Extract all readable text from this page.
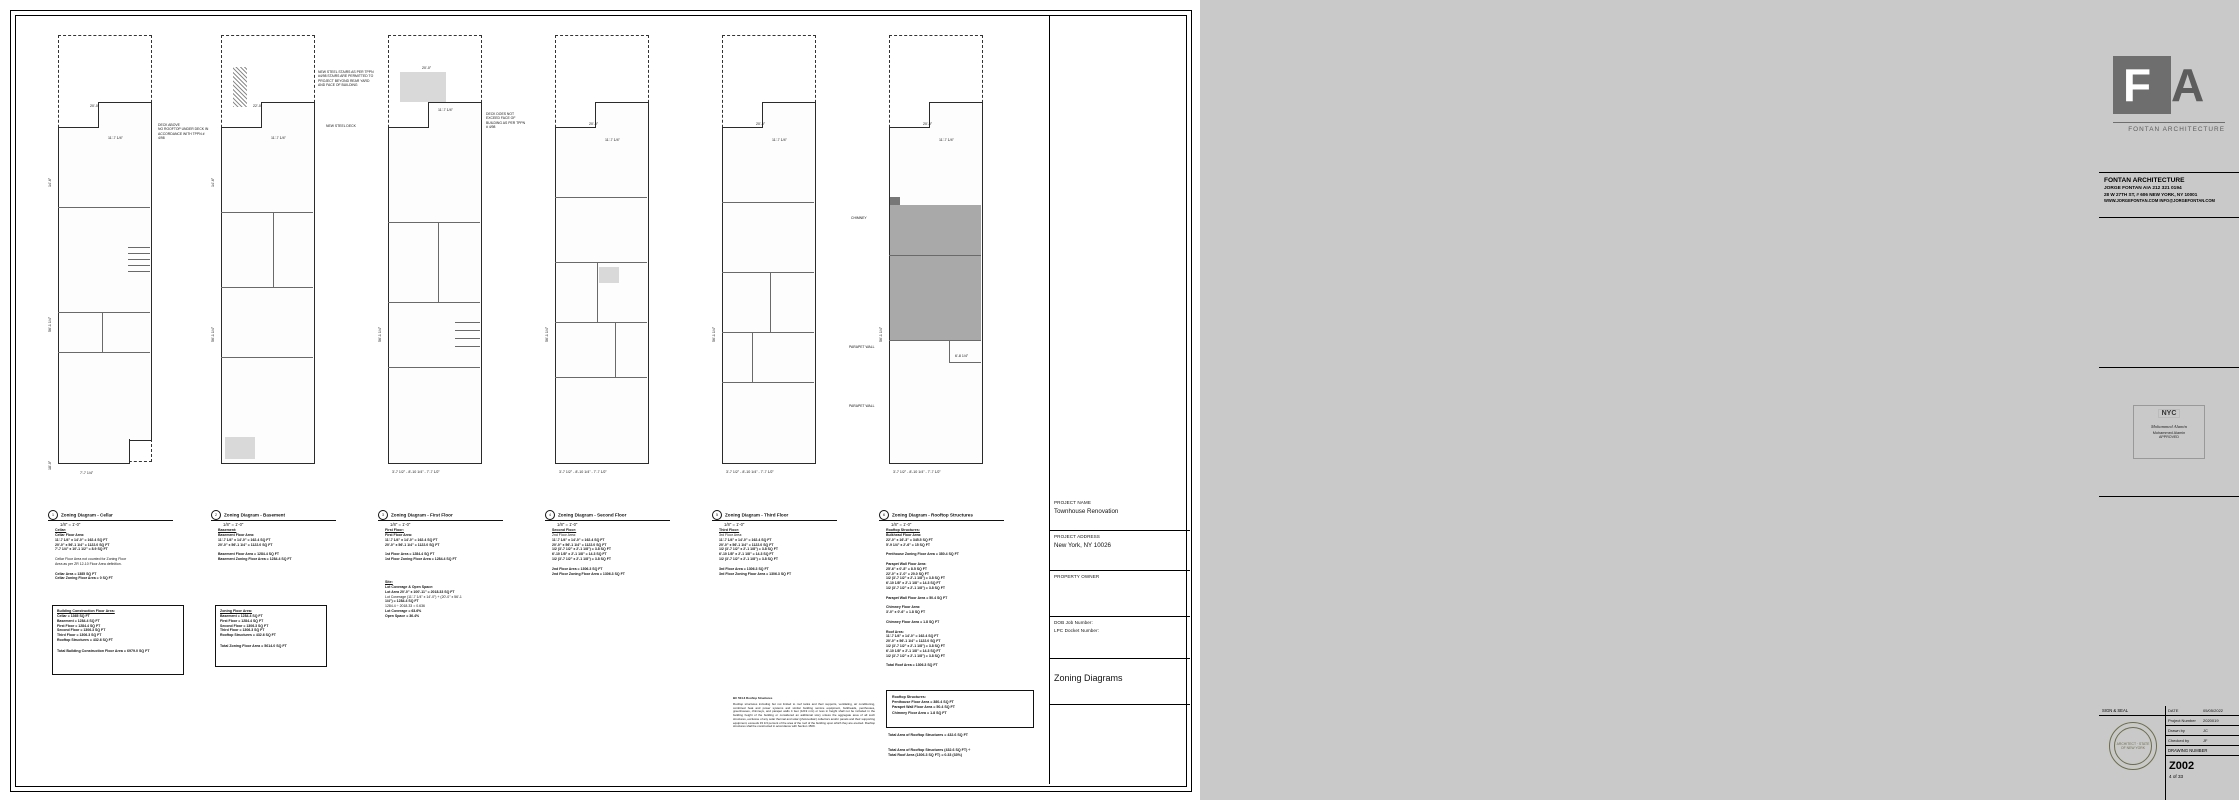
20'-0"
11'-7 1/4"
14'-6"
56'-1 1/4"
18'-0"
7'-7 1/4"
DECK ABOVE
NO ROOFTOP UNDER DECK IN ACCORDANCE WITH TPPN # 4/98
1 Zoning Diagram - Cellar
1/8" = 1'-0"
Cellar:
Cellar Floor Area:
11'-7 1/4" x 14'-0" = 162.4 SQ FT
20'-0" x 56'-1 1/4" = 1122.0 SQ FT
7'-7 1/4" x 10'-1 1/2" = 8.9 SQ FT

Cellar Floor Area not counted for Zoning Floor
Area as per ZR 12-10 Floor Area definition.

Cellar Area = 1385 SQ FT
Cellar Zoning Floor Area = 0 SQ FT
Building Construction Floor Area:
Cellar = 1365 SQ FT
Basement = 1284.4 SQ FT
First Floor = 1284.4 SQ FT
Second Floor = 1306.3 SQ FT
Third Floor = 1306.3 SQ FT
Rooftop Structures = 432.6 SQ FT
Total Building Construction Floor Area = 6979.0 SQ FT
22'-0"
11'-7 1/4"
14'-6"
56'-1 1/4"
NEW STEEL DECK
2 Zoning Diagram - Basement
1/8" = 1'-0"
Basement:
Basement Floor Area:
11'-7 1/4" x 14'-0" = 162.4 SQ FT
20'-0" x 56'-1 1/4" = 1122.0 SQ FT

Basement Floor Area = 1284.4 SQ FT
Basement Zoning Floor Area = 1284.4 SQ FT
Zoning Floor Area:
Basement = 1284.4 SQ FT
First Floor = 1284.4 SQ FT
Second Floor = 1306.3 SQ FT
Third Floor = 1306.3 SQ FT
Rooftop Structures = 432.6 SQ FT
Total Zoning Floor Area = 5614.0 SQ FT
20'-0"
11'-7 1/4"
56'-1 1/4"
3'-7 1/2" - 8'-10 1/4" - 7'-7 1/2"
NEW STEEL STAIRS AS PER TPPN #4/98 STAIRS ARE PERMITTED TO PROJECT BEYOND REAR YARD AND FACE OF BUILDING
DECK DOES NOT EXCEED FACE OF BUILDING AS PER TPPN # 4/98
3 Zoning Diagram - First Floor
1/8" = 1'-0"
First Floor:
First Floor Area:
11'-7 1/4" x 14'-0" = 162.4 SQ FT
20'-0" x 56'-1 1/4" = 1122.0 SQ FT

1st Floor Area = 1284.4 SQ FT
1st Floor Zoning Floor Area = 1284.4 SQ FT
Site:
Lot Coverage & Open Space:
Lot Area 20'-0" x 100'-11" = 2018.33 SQ FT
Lot Coverage (11'-7 1/4" x 14'-0") + (20'-0" x 56'-1
1/4") = 1284.4 SQ FT
1284.4 ÷ 2018.33 = 0.636
Lot Coverage = 63.6%
Open Space = 36.4%
20'-0"
11'-7 1/4"
56'-1 1/4"
3'-7 1/2" - 8'-10 1/4" - 7'-7 1/2"
4 Zoning Diagram - Second Floor
1/8" = 1'-0"
Second Floor:
2nd Floor Area:
11'-7 1/4" x 14'-0" = 162.4 SQ FT
20'-0" x 56'-1 1/4" = 1122.0 SQ FT
1/2 (3'-7 1/2" x 2'-1 1/8") = 3.8 SQ FT
6'-10 1/8" x 2'-1 1/8" = 14.3 SQ FT
1/2 (3'-7 1/2" x 2'-1 1/8") = 3.8 SQ FT

2nd Floor Area = 1306.3 SQ FT
2nd Floor Zoning Floor Area = 1306.3 SQ FT
20'-0"
11'-7 1/4"
56'-1 1/4"
3'-7 1/2" - 8'-10 1/4" - 7'-7 1/2"
5 Zoning Diagram - Third Floor
1/8" = 1'-0"
Third Floor:
3rd Floor Area:
11'-7 1/4" x 14'-0" = 162.4 SQ FT
20'-0" x 56'-1 1/4" = 1122.0 SQ FT
1/2 (3'-7 1/2" x 2'-1 1/8") = 3.8 SQ FT
6'-10 1/8" x 2'-1 1/8" = 14.3 SQ FT
1/2 (3'-7 1/2" x 2'-1 1/8") = 3.8 SQ FT

3rd Floor Area = 1306.3 SQ FT
3rd Floor Zoning Floor Area = 1306.3 SQ FT
20'-0"
11'-7 1/4"
56'-1 1/4"
3'-7 1/2" - 8'-10 1/4" - 7'-7 1/2"
6'-8 1/4"
CHIMNEY
PARAPET WALL
PARAPET WALL
6 Zoning Diagram - Rooftop Structures
1/8" = 1'-0"
Rooftop Structures:
Bulkhead Floor Area:
22'-0" x 16'-3" = 345.5 SQ FT
5'-9 1/4" x 2'-6" = 15 SQ FT

Penthouse Zoning Floor Area = 380.4 SQ FT

Parapet Wall Floor Area:
25'-6" x 0'-8" = 8.5 SQ FT
22'-0" x 1'-0" = 20.0 SQ FT
1/2 (3'-7 1/2" x 2'-1 1/8") = 3.8 SQ FT
6'-10 1/8" x 2'-1 1/8" = 14.3 SQ FT
1/2 (3'-7 1/2" x 2'-1 1/8") = 3.8 SQ FT

Parapet Wall Floor Area = 50.4 SQ FT

Chimney Floor Area:
3'-0" x 0'-6" = 1.8 SQ FT

Chimney Floor Area = 1.8 SQ FT

Roof Area:
11'-7 1/4" x 14'-0" = 162.4 SQ FT
20'-0" x 56'-1 1/4" = 1122.0 SQ FT
1/2 (3'-7 1/2" x 2'-1 1/8") = 3.8 SQ FT
6'-10 1/8" x 2'-1 1/8" = 14.3 SQ FT
1/2 (3'-7 1/2" x 2'-1 1/8") = 3.8 SQ FT

Total Roof Area = 1306.3 SQ FT
BC 504.3 Rooftop Structures
Rooftop structures including but not limited to roof tanks and their supports, ventilating, air conditioning, combined heat and power systems and similar building service equipment, bulkheads, penthouses, greenhouses, chimneys, and parapet walls 4 feet (1219 mm) or less in height shall not be included in the building height of the building or considered an additional story unless the aggregate area of all such structures, exclusive of any solar thermal and solar (photovoltaic) collectors and/or panels and their supporting equipment, exceeds 33 1/3 percent of the area of the roof of the building upon which they are erected. Rooftop structures shall be constructed in accordance with Section 1509.
Rooftop Structures:
Penthouse Floor Area = 380.4 SQ FT
Parapet Wall Floor Area = 50.4 SQ FT
Chimney Floor Area = 1.8 SQ FT
Total Area of Rooftop Structures = 432.6 SQ FT
Total Area of Rooftop Structures (432.6 SQ FT) ÷
Total Roof Area (1306.3 SQ FT) = 0.33 (33%)
F A
FONTAN ARCHITECTURE
FONTAN ARCHITECTURE
JORGE FONTAN AIA 212 321 0194
28 W 27TH ST, # 606 NEW YORK, NY 10001
WWW.JORGEFONTAN.COM INFO@JORGEFONTAN.COM
NYC
Mohammed Alamin
Mohammed Alamin
APPROVED
PROJECT NAME
Townhouse Renovation
PROJECT ADDRESS
New York, NY 10026
PROPERTY OWNER
DOB Job Number:
LPC Docket Number:
Zoning Diagrams
SIGN & SEAL
ARCHITECT · STATE OF NEW YORK
DATE	05/05/2022
Project Number	2020019
Drawn by	JC
Checked by	JF
DRAWING NUMBER
Z002
4 of 33
